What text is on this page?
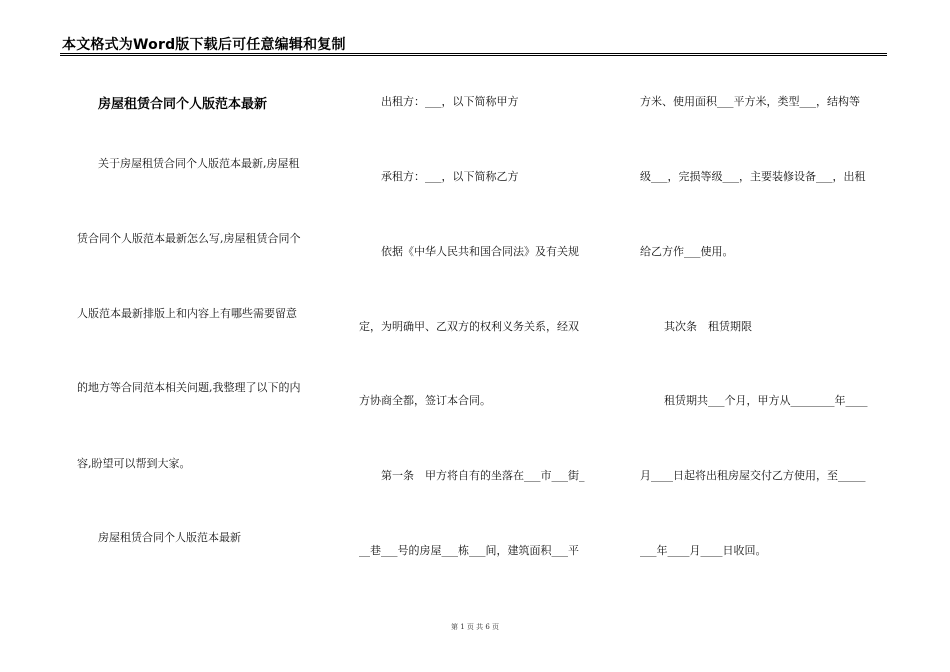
本文格式为Word版下载后可任意编辑和复制
房屋租赁合同个人版范本最新
关于房屋租赁合同个人版范本最新,房屋租
赁合同个人版范本最新怎么写,房屋租赁合同个
人版范本最新排版上和内容上有哪些需要留意
的地方等合同范本相关问题,我整理了以下的内
容,盼望可以帮到大家。
房屋租赁合同个人版范本最新
出租方：___，以下简称甲方
承租方：___，以下简称乙方
依据《中华人民共和国合同法》及有关规
定，为明确甲、乙双方的权利义务关系，经双
方协商全都，签订本合同。
第一条　甲方将自有的坐落在___市___街_
__巷___号的房屋___栋___间，建筑面积___平
方米、使用面积___平方米，类型___，结构等
级___，完损等级___，主要装修设备___，出租
给乙方作___使用。
其次条　租赁期限
租赁期共___个月，甲方从________年____
月____日起将出租房屋交付乙方使用，至_____
___年____月____日收回。
第 1 页 共 6 页
